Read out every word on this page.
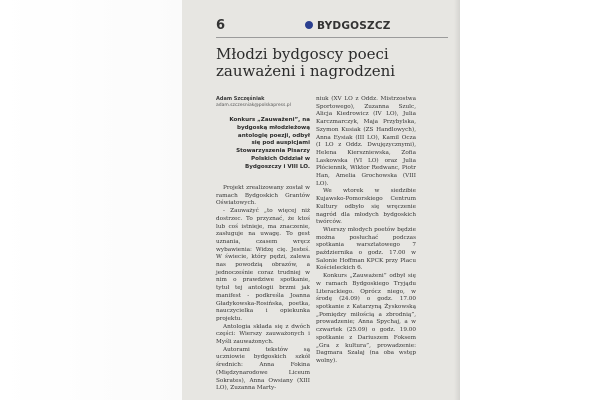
6	BYDGOSZCZ
Młodzi bydgoscy poeci zauważeni i nagrodzeni
Adam Szczęśniak
adam.szczesniak@polskapress.pl

Konkurs „Zauważeni”, na bydgoską młodzieżową antologię poezji, odbył się pod auspicjami Stowarzyszenia Pisarzy Polskich Oddział w Bydgoszczy i VIII LO.

Projekt zrealizowany został w ramach Bydgoskich Grantów Oświatowych.

- Zauważyć „to więcej niż dostrzec. To przyznać, że ktoś lub coś istnieje, ma znaczenie, zasługuje na uwagę. To gest uznania, czasem wręcz wybawienia: Widzę cię. Jesteś. W świecie, który pędzi, zalewa nas powodzią obrazów, a jednocześnie coraz trudniej w nim o prawdziwe spotkanie, tytuł tej antologii brzmi jak manifest - podkreśla Joanna Gładykowska-Rosińska, poetka, nauczycielka i opiekunka projektu.

Antologia składa się z dwóch części: Wierszy zauważonych i Myśli zauważonych.

Autorami tekstów są uczniowie bydgoskich szkół średnich: Anna Fokina (Międzynarodowe Liceum Sokrates), Anna Owsiany (XIII LO), Zuzanna Marty-

niuk (XV LO z Oddz. Mistrzostwa Sportowego), Zuzanna Szulc, Alicja Kiedrowicz (IV LO), Julia Karczmarczyk, Maja Przybylska, Szymon Kusiak (ZS Handlowych), Anna Eysiak (III LO), Kamil Ocza (I LO z Oddz. Dwujęzycznymi), Helena Kierszniewska, Zofia Laskowska (VI LO) oraz Julia Płóciennik, Wiktor Redwanc, Piotr Han, Amelia Grochowska (VIII LO).

We wtorek w siedzibie Kujawsko-Pomorskiego Centrum Kultury odbyło się wręczenie nagród dla młodych bydgoskich twórców.

Wierszy młodych poetów będzie można posłuchać podczas spotkania warsztatowego 7 października o godz. 17.00 w Salonie Hoffman KPCK przy Placu Kościeleckich 6.

Konkurs „Zauważeni” odbył się w ramach Bydgoskiego Tryjądu Literackiego. Oprócz niego, w środę (24.09) o godz. 17.00 spotkanie z Katarzyną Żyskowską „Pomiędzy miłością a zbrodnią”, prowadzenie; Anna Spychaj, a w czwartek (25.09) o godz. 19.00 spotkanie z Dariuszem Foksem „Gra z kultura”, prowadzenie: Dagmara Szałaj (na oba wstęp wolny).
